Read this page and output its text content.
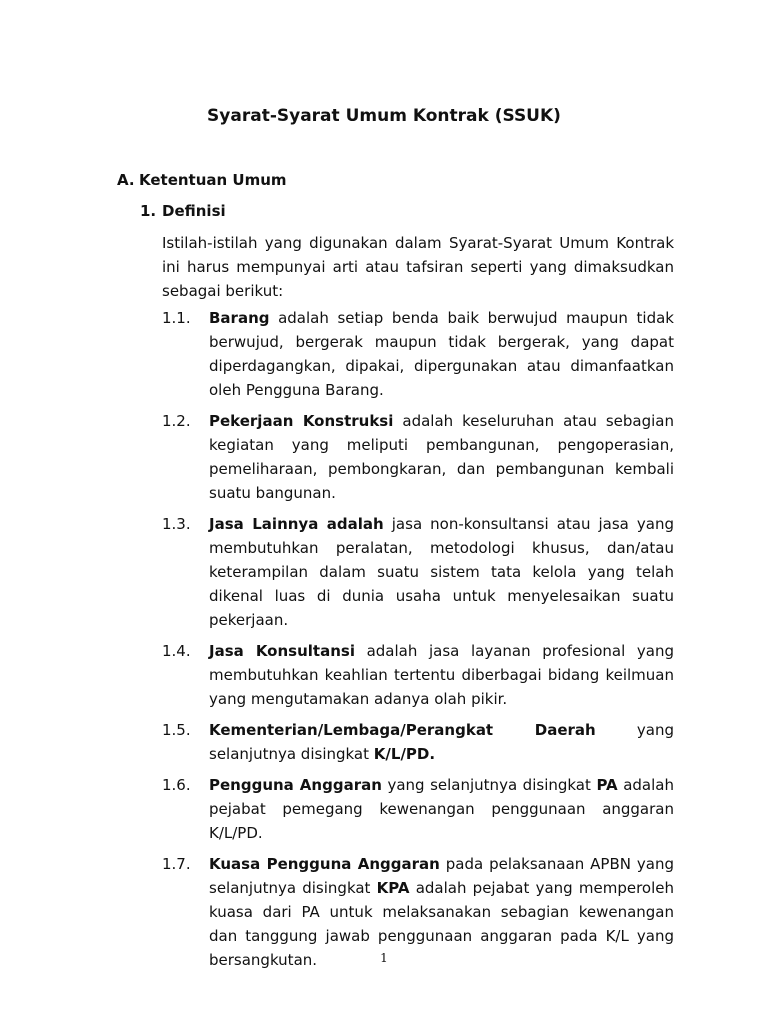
Syarat-Syarat Umum Kontrak (SSUK)
A. Ketentuan Umum
1. Definisi

Istilah-istilah yang digunakan dalam Syarat-Syarat Umum Kontrak ini harus mempunyai arti atau tafsiran seperti yang dimaksudkan sebagai berikut:

1.1. Barang adalah setiap benda baik berwujud maupun tidak berwujud, bergerak maupun tidak bergerak, yang dapat diperdagangkan, dipakai, dipergunakan atau dimanfaatkan oleh Pengguna Barang.
1.2. Pekerjaan Konstruksi adalah keseluruhan atau sebagian kegiatan yang meliputi pembangunan, pengoperasian, pemeliharaan, pembongkaran, dan pembangunan kembali suatu bangunan.
1.3. Jasa Lainnya adalah jasa non-konsultansi atau jasa yang membutuhkan peralatan, metodologi khusus, dan/atau keterampilan dalam suatu sistem tata kelola yang telah dikenal luas di dunia usaha untuk menyelesaikan suatu pekerjaan.
1.4. Jasa Konsultansi adalah jasa layanan profesional yang membutuhkan keahlian tertentu diberbagai bidang keilmuan yang mengutamakan adanya olah pikir.
1.5. Kementerian/Lembaga/Perangkat Daerah yang selanjutnya disingkat K/L/PD.
1.6. Pengguna Anggaran yang selanjutnya disingkat PA adalah pejabat pemegang kewenangan penggunaan anggaran K/L/PD.
1.7. Kuasa Pengguna Anggaran pada pelaksanaan APBN yang selanjutnya disingkat KPA adalah pejabat yang memperoleh kuasa dari PA untuk melaksanakan sebagian kewenangan dan tanggung jawab penggunaan anggaran pada K/L yang bersangkutan.	1
